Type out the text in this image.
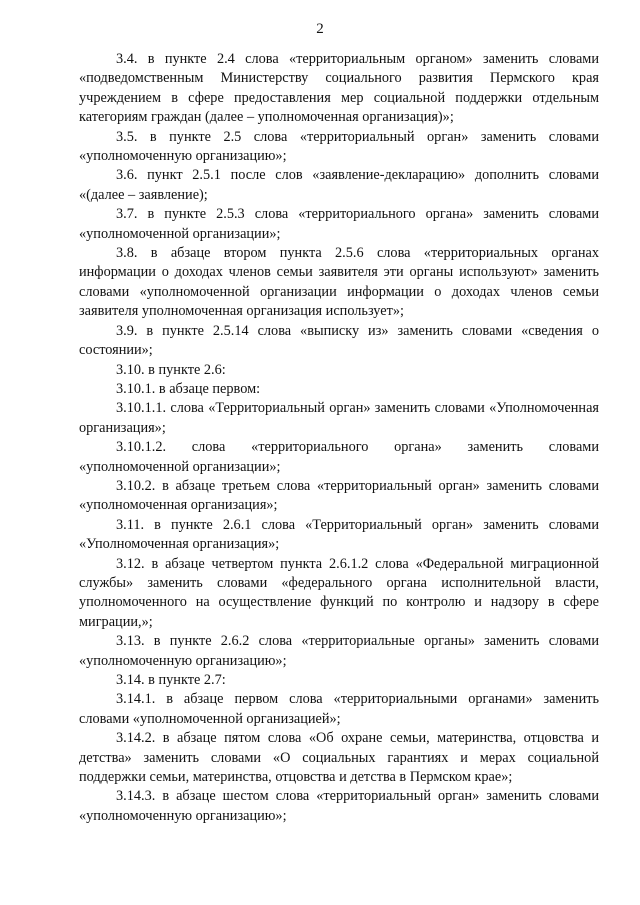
2

3.4. в пункте 2.4 слова «территориальным органом» заменить словами «подведомственным Министерству социального развития Пермского края учреждением в сфере предоставления мер социальной поддержки отдельным категориям граждан (далее – уполномоченная организация)»;

3.5. в пункте 2.5 слова «территориальный орган» заменить словами «уполномоченную организацию»;

3.6. пункт 2.5.1 после слов «заявление-декларацию» дополнить словами «(далее – заявление);

3.7. в пункте 2.5.3 слова «территориального органа» заменить словами «уполномоченной организации»;

3.8. в абзаце втором пункта 2.5.6 слова «территориальных органах информации о доходах членов семьи заявителя эти органы используют» заменить словами «уполномоченной организации информации о доходах членов семьи заявителя уполномоченная организация использует»;

3.9. в пункте 2.5.14 слова «выписку из» заменить словами «сведения о состоянии»;

3.10. в пункте 2.6:

3.10.1. в абзаце первом:

3.10.1.1. слова «Территориальный орган» заменить словами «Уполномоченная организация»;

3.10.1.2. слова «территориального органа» заменить словами «уполномоченной организации»;

3.10.2. в абзаце третьем слова «территориальный орган» заменить словами «уполномоченная организация»;

3.11. в пункте 2.6.1 слова «Территориальный орган» заменить словами «Уполномоченная организация»;

3.12. в абзаце четвертом пункта 2.6.1.2 слова «Федеральной миграционной службы» заменить словами «федерального органа исполнительной власти, уполномоченного на осуществление функций по контролю и надзору в сфере миграции,»;

3.13. в пункте 2.6.2 слова «территориальные органы» заменить словами «уполномоченную организацию»;

3.14. в пункте 2.7:

3.14.1. в абзаце первом слова «территориальными органами» заменить словами «уполномоченной организацией»;

3.14.2. в абзаце пятом слова «Об охране семьи, материнства, отцовства и детства» заменить словами «О социальных гарантиях и мерах социальной поддержки семьи, материнства, отцовства и детства в Пермском крае»;

3.14.3. в абзаце шестом слова «территориальный орган» заменить словами «уполномоченную организацию»;
